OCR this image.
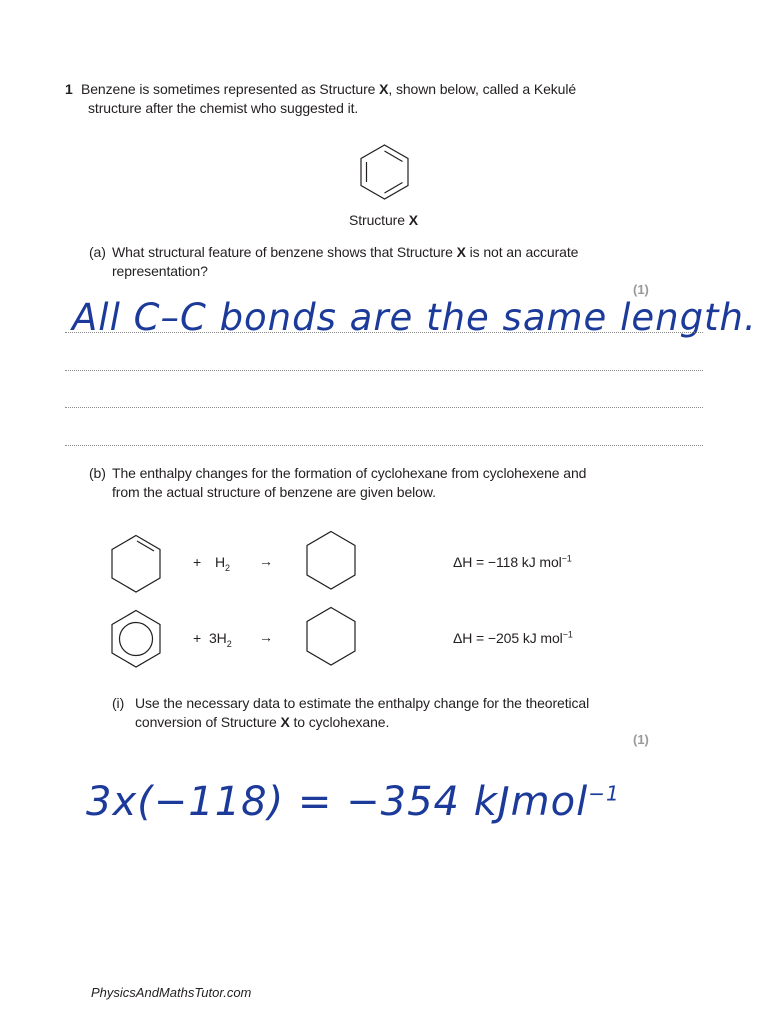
1 Benzene is sometimes represented as Structure X, shown below, called a Kekulé
structure after the chemist who suggested it.
Structure X
(a) What structural feature of benzene shows that Structure X is not an accurate
representation?
(1)
All C–C bonds are the same length.
(b) The enthalpy changes for the formation of cyclohexane from cyclohexene and
from the actual structure of benzene are given below.
+ $H_2$ →	ΔH = −118 kJ mol$^{-1}$
+ $3H_2$ →	ΔH = −205 kJ mol$^{-1}$
(i) Use the necessary data to estimate the enthalpy change for the theoretical
conversion of Structure X to cyclohexane.
(1)
3x(−118) = −354 kJmol$^{-1}$
PhysicsAndMathsTutor.com
